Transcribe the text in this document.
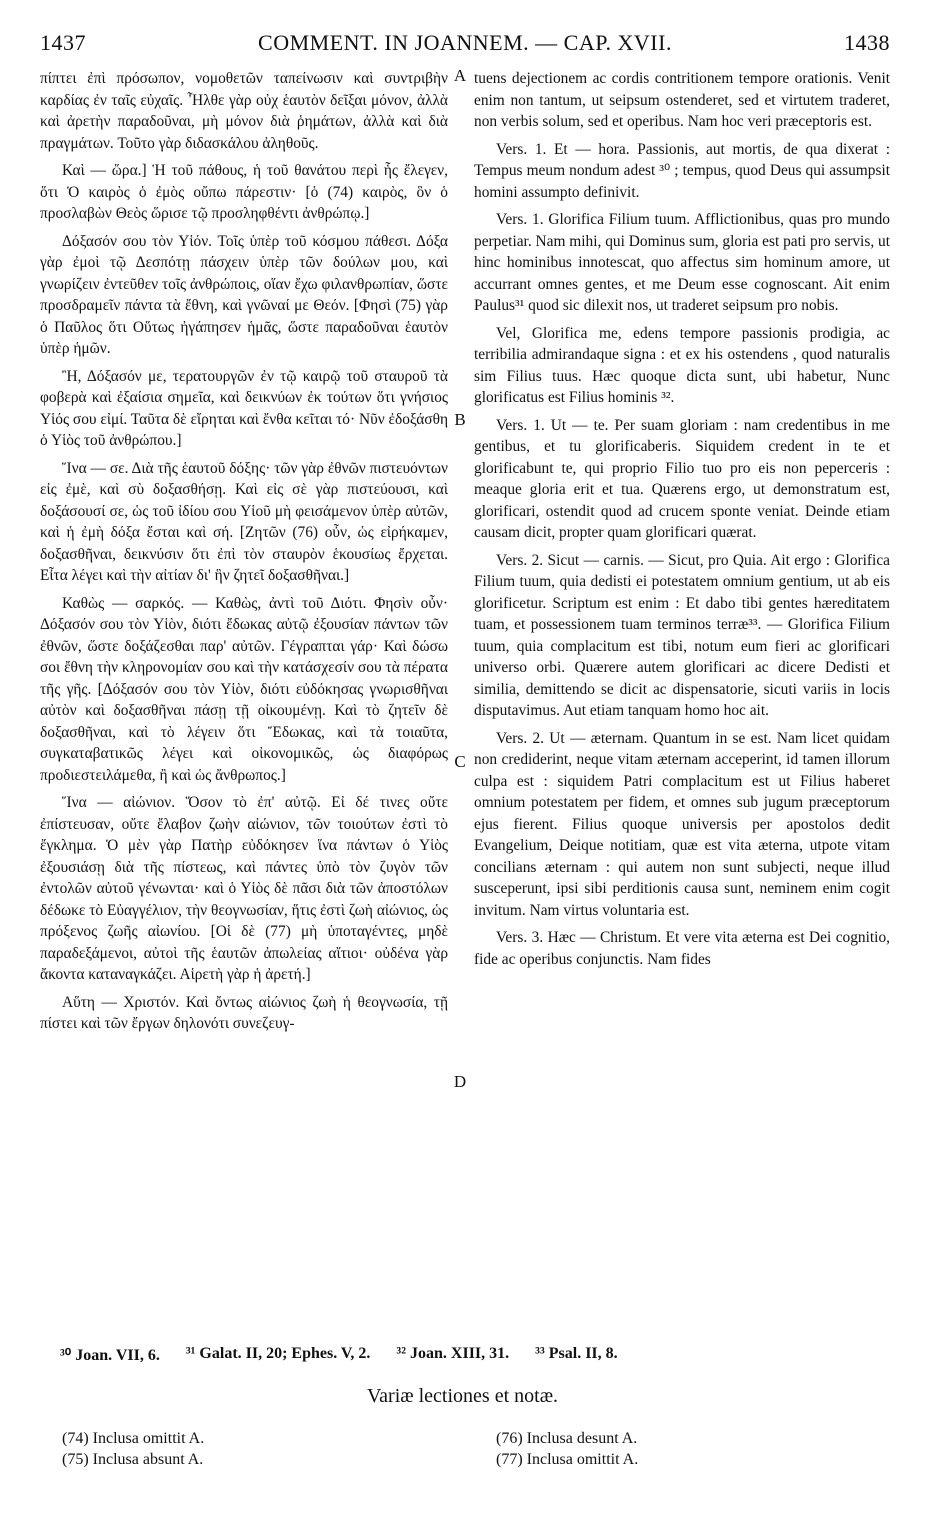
1437	COMMENT. IN JOANNEM. — CAP. XVII.	1438

πίπτει ἐπὶ πρόσωπον, νομοθετῶν ταπείνωσιν καὶ συντριβὴν καρδίας ἐν ταῖς εὐχαῖς. Ἦλθε γὰρ οὐχ ἑαυτὸν δεῖξαι μόνον, ἀλλὰ καὶ ἀρετὴν παραδοῦναι, μὴ μόνον διὰ ῥημάτων, ἀλλὰ καὶ διὰ πραγμάτων. Τοῦτο γὰρ διδασκάλου ἀληθοῦς.

Καὶ — ὥρα.] Ἡ τοῦ πάθους, ἡ τοῦ θανάτου περὶ ἧς ἔλεγεν, ὅτι Ὁ καιρὸς ὁ ἐμὸς οὔπω πάρεστιν· [ὁ (74) καιρὸς, ὃν ὁ προσλαβὼν Θεὸς ὥρισε τῷ προσληφθέντι ἀνθρώπῳ.]

Δόξασόν σου τὸν Υἱόν. Τοῖς ὑπὲρ τοῦ κόσμου πάθεσι. Δόξα γὰρ ἐμοὶ τῷ Δεσπότῃ πάσχειν ὑπὲρ τῶν δούλων μου, καὶ γνωρίζειν ἐντεῦθεν τοῖς ἀνθρώποις, οἵαν ἔχω φιλανθρωπίαν, ὥστε προσδραμεῖν πάντα τὰ ἔθνη, καὶ γνῶναί με Θεόν. [Φησὶ (75) γὰρ ὁ Παῦλος ὅτι Οὕτως ἠγάπησεν ἡμᾶς, ὥστε παραδοῦναι ἑαυτὸν ὑπὲρ ἡμῶν.

Ἢ, Δόξασόν με, τερατουργῶν ἐν τῷ καιρῷ τοῦ σταυροῦ τὰ φοβερὰ καὶ ἐξαίσια σημεῖα, καὶ δεικνύων ἐκ τούτων ὅτι γνήσιος Υἱός σου εἰμί. Ταῦτα δὲ εἴρηται καὶ ἔνθα κεῖται τό· Νῦν ἐδοξάσθη ὁ Υἱὸς τοῦ ἀνθρώπου.]

Ἵνα — σε. Διὰ τῆς ἑαυτοῦ δόξης· τῶν γὰρ ἐθνῶν πιστευόντων εἰς ἐμὲ, καὶ σὺ δοξασθήσῃ. Καὶ εἰς σὲ γὰρ πιστεύουσι, καὶ δοξάσουσί σε, ὡς τοῦ ἰδίου σου Υἱοῦ μὴ φεισάμενον ὑπὲρ αὐτῶν, καὶ ἡ ἐμὴ δόξα ἔσται καὶ σή. [Ζητῶν (76) οὖν, ὡς εἰρήκαμεν, δοξασθῆναι, δεικνύσιν ὅτι ἐπὶ τὸν σταυρὸν ἑκουσίως ἔρχεται. Εἶτα λέγει καὶ τὴν αἰτίαν δι' ἣν ζητεῖ δοξασθῆναι.]

Καθὼς — σαρκός. — Καθὼς, ἀντὶ τοῦ Διότι. Φησὶν οὖν· Δόξασόν σου τὸν Υἱὸν, διότι ἔδωκας αὐτῷ ἐξουσίαν πάντων τῶν ἐθνῶν, ὥστε δοξάζεσθαι παρ' αὐτῶν. Γέγραπται γάρ· Καὶ δώσω σοι ἔθνη τὴν κληρονομίαν σου καὶ τὴν κατάσχεσίν σου τὰ πέρατα τῆς γῆς. [Δόξασόν σου τὸν Υἱὸν, διότι εὐδόκησας γνωρισθῆναι αὐτὸν καὶ δοξασθῆναι πάσῃ τῇ οἰκουμένῃ. Καὶ τὸ ζητεῖν δὲ δοξασθῆναι, καὶ τὸ λέγειν ὅτι Ἔδωκας, καὶ τὰ τοιαῦτα, συγκαταβατικῶς λέγει καὶ οἰκονομικῶς, ὡς διαφόρως προδιεστειλάμεθα, ἢ καὶ ὡς ἄνθρωπος.]

Ἵνα — αἰώνιον. Ὅσον τὸ ἐπ' αὐτῷ. Εἰ δέ τινες οὔτε ἐπίστευσαν, οὔτε ἔλαβον ζωὴν αἰώνιον, τῶν τοιούτων ἐστὶ τὸ ἔγκλημα. Ὁ μὲν γὰρ Πατὴρ εὐδόκησεν ἵνα πάντων ὁ Υἱὸς ἐξουσιάσῃ διὰ τῆς πίστεως, καὶ πάντες ὑπὸ τὸν ζυγὸν τῶν ἐντολῶν αὐτοῦ γένωνται· καὶ ὁ Υἱὸς δὲ πᾶσι διὰ τῶν ἀποστόλων δέδωκε τὸ Εὐαγγέλιον, τὴν θεογνωσίαν, ἥτις ἐστὶ ζωὴ αἰώνιος, ὡς πρόξενος ζωῆς αἰωνίου. [Οἱ δὲ (77) μὴ ὑποταγέντες, μηδὲ παραδεξάμενοι, αὐτοὶ τῆς ἑαυτῶν ἀπωλείας αἴτιοι· οὐδένα γὰρ ἄκοντα καταναγκάζει. Αἱρετὴ γὰρ ἡ ἀρετή.]

Αὕτη — Χριστόν. Καὶ ὄντως αἰώνιος ζωὴ ἡ θεογνωσία, τῇ πίστει καὶ τῶν ἔργων δηλονότι συνεζευγ-

A
B
C
D

tuens dejectionem ac cordis contritionem tempore orationis. Venit enim non tantum, ut seipsum ostenderet, sed et virtutem traderet, non verbis solum, sed et operibus. Nam hoc veri præceptoris est.

Vers. 1. Et — hora. Passionis, aut mortis, de qua dixerat : Tempus meum nondum adest ³⁰ ; tempus, quod Deus qui assumpsit homini assumpto definivit.

Vers. 1. Glorifica Filium tuum. Afflictionibus, quas pro mundo perpetiar. Nam mihi, qui Dominus sum, gloria est pati pro servis, ut hinc hominibus innotescat, quo affectus sim hominum amore, ut accurrant omnes gentes, et me Deum esse cognoscant. Ait enim Paulus³¹ quod sic dilexit nos, ut traderet seipsum pro nobis.

Vel, Glorifica me, edens tempore passionis prodigia, ac terribilia admirandaque signa : et ex his ostendens , quod naturalis sim Filius tuus. Hæc quoque dicta sunt, ubi habetur, Nunc glorificatus est Filius hominis ³².

Vers. 1. Ut — te. Per suam gloriam : nam credentibus in me gentibus, et tu glorificaberis. Siquidem credent in te et glorificabunt te, qui proprio Filio tuo pro eis non peperceris : meaque gloria erit et tua. Quærens ergo, ut demonstratum est, glorificari, ostendit quod ad crucem sponte veniat. Deinde etiam causam dicit, propter quam glorificari quærat.

Vers. 2. Sicut — carnis. — Sicut, pro Quia. Ait ergo : Glorifica Filium tuum, quia dedisti ei potestatem omnium gentium, ut ab eis glorificetur. Scriptum est enim : Et dabo tibi gentes hæreditatem tuam, et possessionem tuam terminos terræ³³. — Glorifica Filium tuum, quia complacitum est tibi, notum eum fieri ac glorificari universo orbi. Quærere autem glorificari ac dicere Dedisti et similia, demittendo se dicit ac dispensatorie, sicuti variis in locis disputavimus. Aut etiam tanquam homo hoc ait.

Vers. 2. Ut — æternam. Quantum in se est. Nam licet quidam non crediderint, neque vitam æternam acceperint, id tamen illorum culpa est : siquidem Patri complacitum est ut Filius haberet omnium potestatem per fidem, et omnes sub jugum præceptorum ejus fierent. Filius quoque universis per apostolos dedit Evangelium, Deique notitiam, quæ est vita æterna, utpote vitam concilians æternam : qui autem non sunt subjecti, neque illud susceperunt, ipsi sibi perditionis causa sunt, neminem enim cogit invitum. Nam virtus voluntaria est.

Vers. 3. Hæc — Christum. Et vere vita æterna est Dei cognitio, fide ac operibus conjunctis. Nam fides

³⁰ Joan. VII, 6. ³¹ Galat. II, 20; Ephes. V, 2. ³² Joan. XIII, 31. ³³ Psal. II, 8.
Variæ lectiones et notæ.
(74) Inclusa omittit A.
(75) Inclusa absunt A.
(76) Inclusa desunt A.
(77) Inclusa omittit A.
